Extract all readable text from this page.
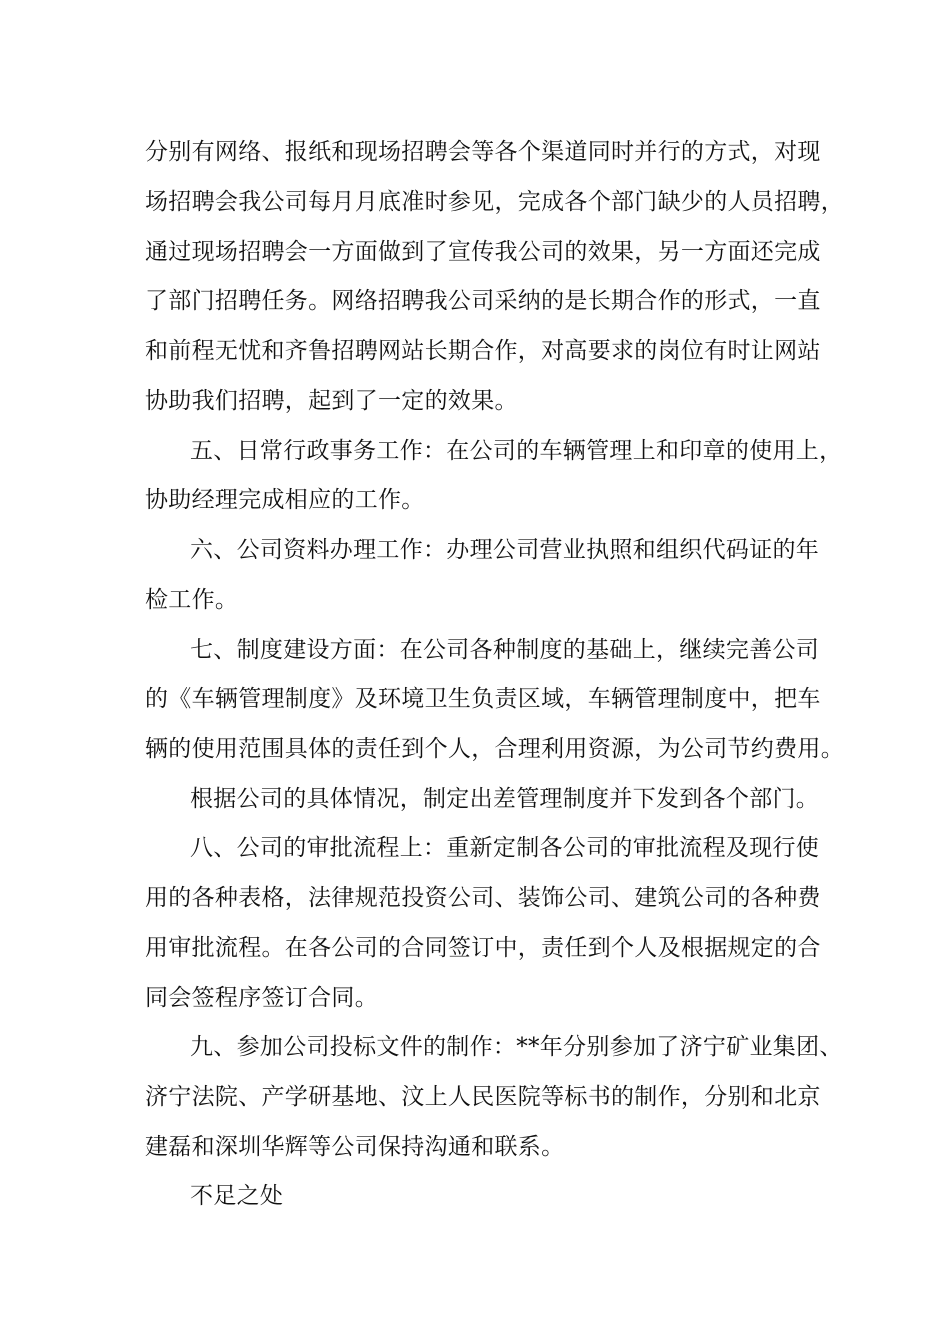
分别有网络、报纸和现场招聘会等各个渠道同时并行的方式，对现
场招聘会我公司每月月底准时参见，完成各个部门缺少的人员招聘，
通过现场招聘会一方面做到了宣传我公司的效果，另一方面还完成
了部门招聘任务。网络招聘我公司采纳的是长期合作的形式，一直
和前程无忧和齐鲁招聘网站长期合作，对高要求的岗位有时让网站
协助我们招聘，起到了一定的效果。
五、日常行政事务工作：在公司的车辆管理上和印章的使用上，
协助经理完成相应的工作。
六、公司资料办理工作：办理公司营业执照和组织代码证的年
检工作。
七、制度建设方面：在公司各种制度的基础上，继续完善公司
的《车辆管理制度》及环境卫生负责区域，车辆管理制度中，把车
辆的使用范围具体的责任到个人，合理利用资源，为公司节约费用。
根据公司的具体情况，制定出差管理制度并下发到各个部门。
八、公司的审批流程上：重新定制各公司的审批流程及现行使
用的各种表格，法律规范投资公司、装饰公司、建筑公司的各种费
用审批流程。在各公司的合同签订中，责任到个人及根据规定的合
同会签程序签订合同。
九、参加公司投标文件的制作：**年分别参加了济宁矿业集团、
济宁法院、产学研基地、汶上人民医院等标书的制作，分别和北京
建磊和深圳华辉等公司保持沟通和联系。
不足之处
